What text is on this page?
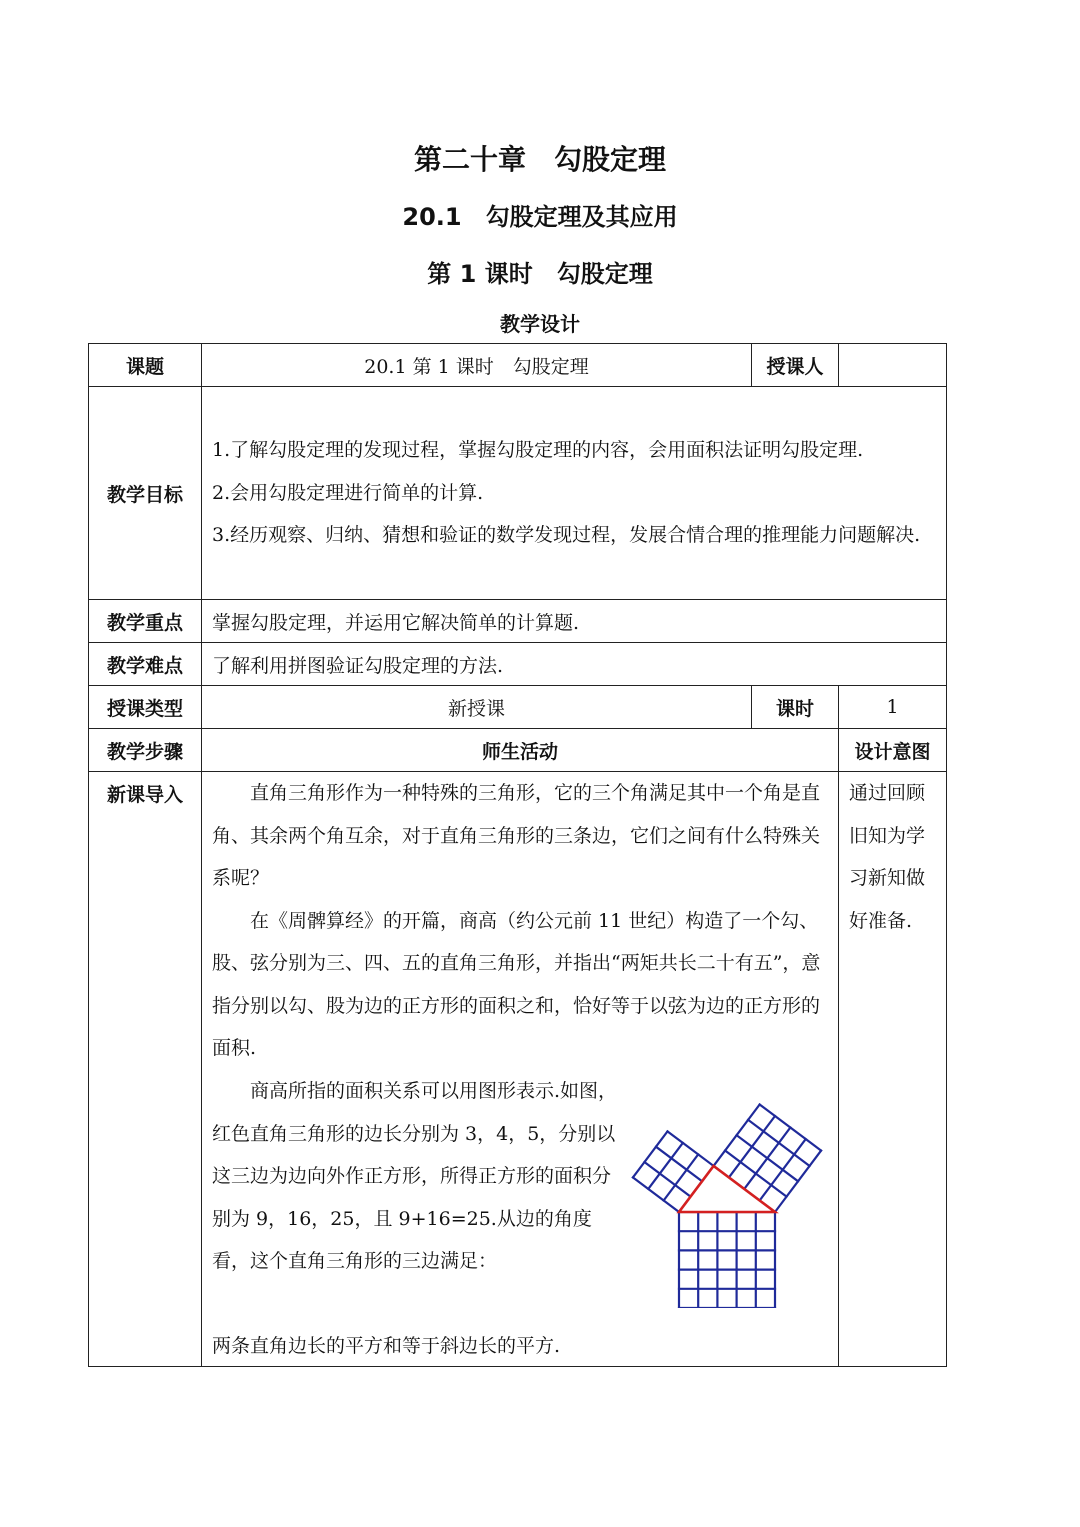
第二十章　勾股定理
20.1　勾股定理及其应用
第 1 课时　勾股定理
教学设计
课题	20.1 第 1 课时　勾股定理	授课人	
教学目标	1.了解勾股定理的发现过程，掌握勾股定理的内容，会用面积法证明勾股定理.
2.会用勾股定理进行简单的计算.
3.经历观察、归纳、猜想和验证的数学发现过程，发展合情合理的推理能力问题解决.		

教学重点	掌握勾股定理，并运用它解决简单的计算题.		
教学难点	了解利用拼图验证勾股定理的方法.		
授课类型	新授课	课时	1
教学步骤	师生活动		设计意图
新课导入	直角三角形作为一种特殊的三角形，它的三个角满足其中一个角是直角、其余两个角互余，对于直角三角形的三条边，它们之间有什么特殊关系呢？

在《周髀算经》的开篇，商高（约公元前 11 世纪）构造了一个勾、股、弦分别为三、四、五的直角三角形，并指出“两矩共长二十有五”，意指分别以勾、股为边的正方形的面积之和，恰好等于以弦为边的正方形的面积.

商高所指的面积关系可以用图形表示.如图，红色直角三角形的边长分别为 3，4，5，分别以这三边为边向外作正方形，所得正方形的面积分别为 9，16，25，且 9+16=25.从边的角度看，这个直角三角形的三边满足：

两条直角边长的平方和等于斜边长的平方.		通过回顾旧知为学习新知做好准备.
